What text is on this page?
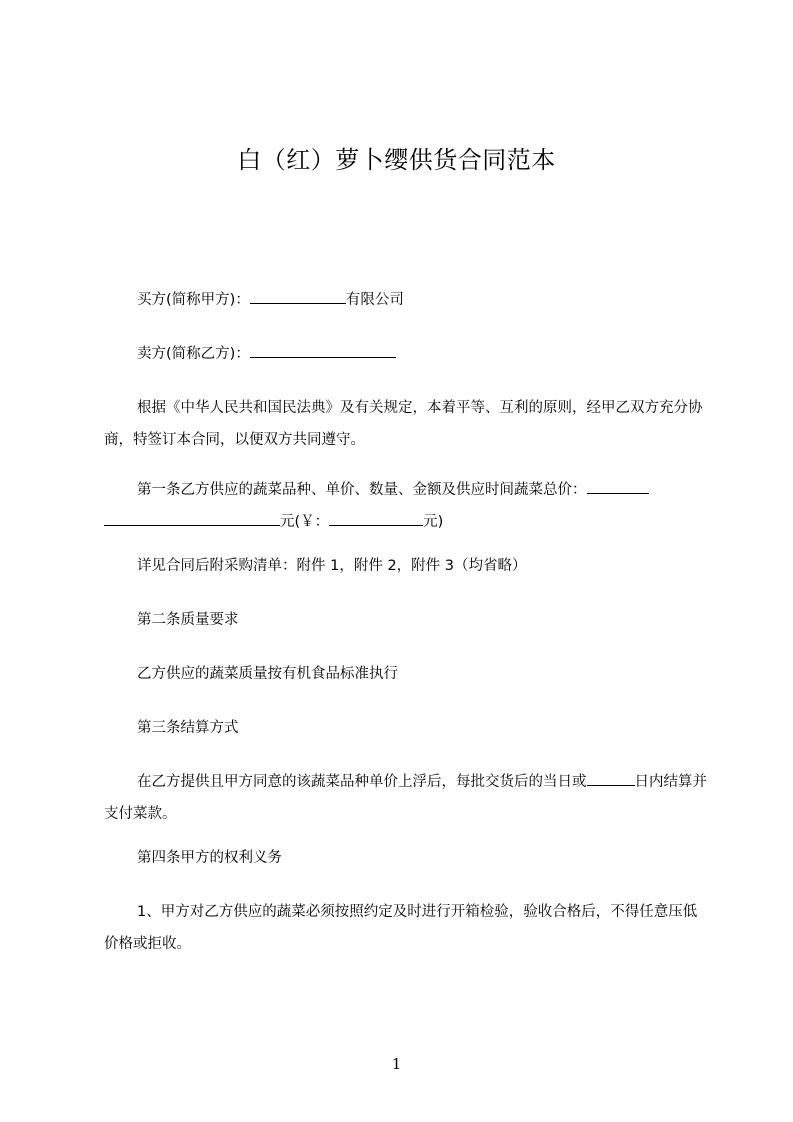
白（红）萝卜缨供货合同范本

买方(简称甲方)：	有限公司

卖方(简称乙方)：

根据《中华人民共和国民法典》及有关规定，本着平等、互利的原则，经甲乙双方充分协商，特签订本合同，以便双方共同遵守。

第一条乙方供应的蔬菜品种、单价、数量、金额及供应时间蔬菜总价：元(￥：	元)

详见合同后附采购清单：附件 1，附件 2，附件 3（均省略）

第二条质量要求

乙方供应的蔬菜质量按有机食品标准执行

第三条结算方式

在乙方提供且甲方同意的该蔬菜品种单价上浮后，每批交货后的当日或	日内结算并支付菜款。

第四条甲方的权利义务

1、甲方对乙方供应的蔬菜必须按照约定及时进行开箱检验，验收合格后，不得任意压低价格或拒收。

1
